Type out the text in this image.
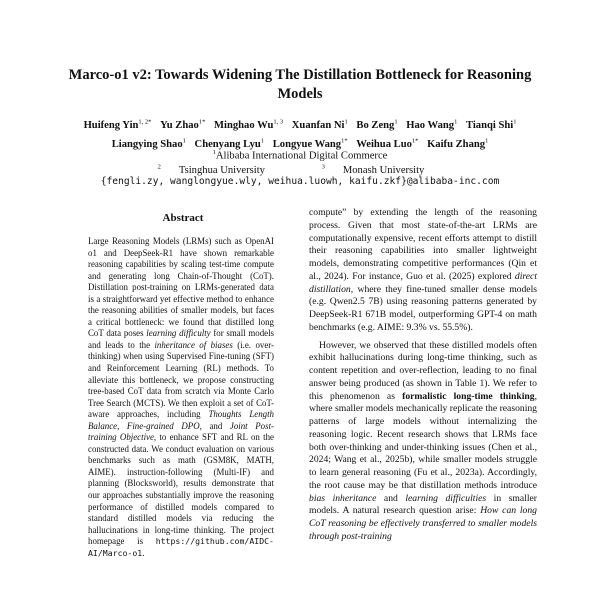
Marco-o1 v2: Towards Widening The Distillation Bottleneck for Reasoning Models
Huifeng Yin$^{1, 2*}$ Yu Zhao$^{1*}$ Minghao Wu$^{1, 3}$ Xuanfan Ni$^1$ Bo Zeng$^1$ Hao Wang$^1$ Tianqi Shi$^1$
Liangying Shao$^1$ Chenyang Lyu$^1$ Longyue Wang$^{1*}$ Weihua Luo$^{1*}$ Kaifu Zhang$^1$
$^1$Alibaba International Digital Commerce
$^2$ Tsinghua University	$^3$ Monash University
{fengli.zy, wanglongyue.wly, weihua.luowh, kaifu.zkf}@alibaba-inc.com
Abstract

Large Reasoning Models (LRMs) such as OpenAI o1 and DeepSeek-R1 have shown remarkable reasoning capabilities by scaling test-time compute and generating long Chain-of-Thought (CoT). Distillation post-training on LRMs-generated data is a straightforward yet effective method to enhance the reasoning abilities of smaller models, but faces a critical bottleneck: we found that distilled long CoT data poses learning difficulty for small models and leads to the inheritance of biases (i.e. over-thinking) when using Supervised Fine-tuning (SFT) and Reinforcement Learning (RL) methods. To alleviate this bottleneck, we propose constructing tree-based CoT data from scratch via Monte Carlo Tree Search (MCTS). We then exploit a set of CoT-aware approaches, including Thoughts Length Balance, Fine-grained DPO, and Joint Post-training Objective, to enhance SFT and RL on the constructed data. We conduct evaluation on various benchmarks such as math (GSM8K, MATH, AIME). instruction-following (Multi-IF) and planning (Blocksworld), results demonstrate that our approaches substantially improve the reasoning performance of distilled models compared to standard distilled models via reducing the hallucinations in long-time thinking. The project homepage is https://github.com/AIDC-AI/Marco-o1.

compute” by extending the length of the reasoning process. Given that most state-of-the-art LRMs are computationally expensive, recent efforts attempt to distill their reasoning capabilities into smaller lightweight models, demonstrating competitive performances (Qin et al., 2024). For instance, Guo et al. (2025) explored direct distillation, where they fine-tuned smaller dense models (e.g. Qwen2.5 7B) using reasoning patterns generated by DeepSeek-R1 671B model, outperforming GPT-4 on math benchmarks (e.g. AIME: 9.3% vs. 55.5%).

However, we observed that these distilled models often exhibit hallucinations during long-time thinking, such as content repetition and over-reflection, leading to no final answer being produced (as shown in Table 1). We refer to this phenomenon as formalistic long-time thinking, where smaller models mechanically replicate the reasoning patterns of large models without internalizing the reasoning logic. Recent research shows that LRMs face both over-thinking and under-thinking issues (Chen et al., 2024; Wang et al., 2025b), while smaller models struggle to learn general reasoning (Fu et al., 2023a). Accordingly, the root cause may be that distillation methods introduce bias inheritance and learning difficulties in smaller models. A natural research question arise: How can long CoT reasoning be effectively transferred to smaller models through post-training
